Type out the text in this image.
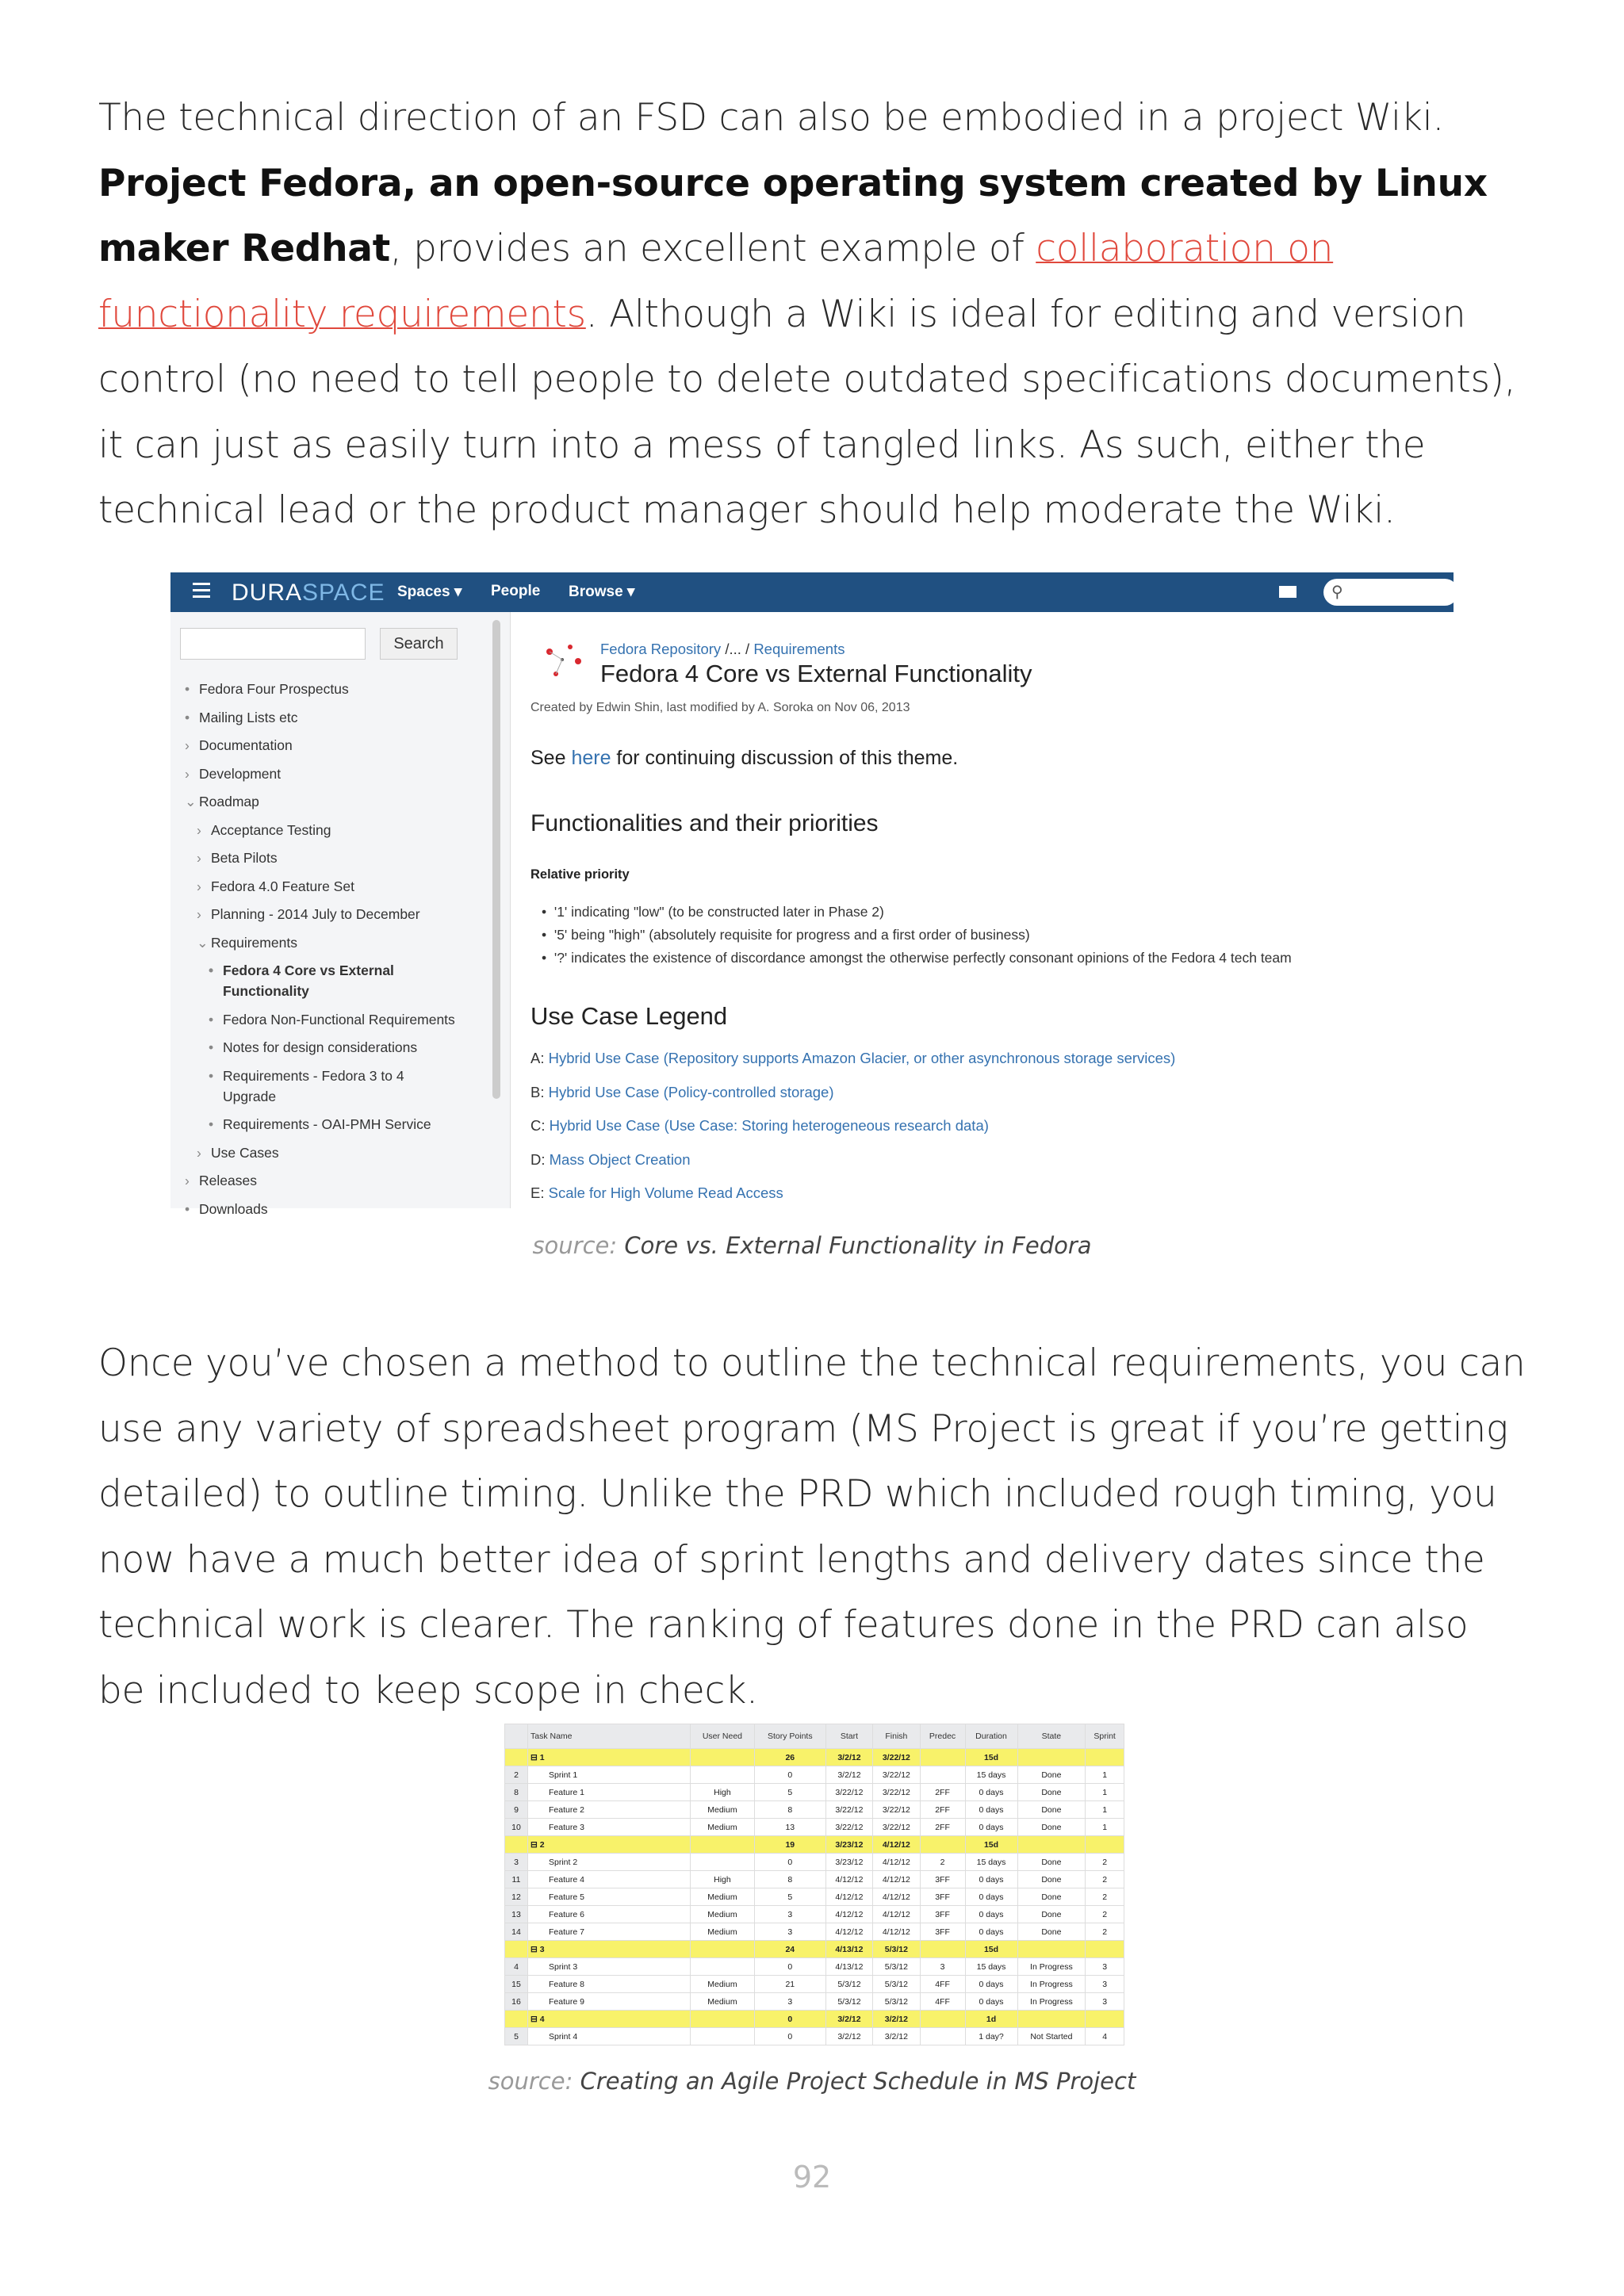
The technical direction of an FSD can also be embodied in a project Wiki. Project Fedora, an open-source operating system created by Linux maker Redhat, provides an excellent example of collaboration on functionality requirements. Although a Wiki is ideal for editing and version control (no need to tell people to delete outdated specifications documents), it can just as easily turn into a mess of tangled links. As such, either the technical lead or the product manager should help moderate the Wiki.
DURASPACE Spaces ▾ People Browse ▾	⚲
Search
• Fedora Four Prospectus
• Mailing Lists etc
› Documentation
› Development
⌄ Roadmap
› Acceptance Testing
› Beta Pilots
› Fedora 4.0 Feature Set
› Planning - 2014 July to December
⌄ Requirements
• Fedora 4 Core vs External
Functionality
• Fedora Non-Functional Requirements
• Notes for design considerations
• Requirements - Fedora 3 to 4
Upgrade
• Requirements - OAI-PMH Service
› Use Cases
› Releases
• Downloads
Fedora Repository /... / Requirements
Fedora 4 Core vs External Functionality
Created by Edwin Shin, last modified by A. Soroka on Nov 06, 2013
See here for continuing discussion of this theme.
Functionalities and their priorities
Relative priority
•  '1' indicating "low" (to be constructed later in Phase 2)
•  '5' being "high" (absolutely requisite for progress and a first order of business)
•  '?' indicates the existence of discordance amongst the otherwise perfectly consonant opinions of the Fedora 4 tech team
Use Case Legend
A: Hybrid Use Case (Repository supports Amazon Glacier, or other asynchronous storage services)
B: Hybrid Use Case (Policy-controlled storage)
C: Hybrid Use Case (Use Case: Storing heterogeneous research data)
D: Mass Object Creation
E: Scale for High Volume Read Access
source: Core vs. External Functionality in Fedora
Once you’ve chosen a method to outline the technical requirements, you can use any variety of spreadsheet program (MS Project is great if you’re getting detailed) to outline timing. Unlike the PRD which included rough timing, you now have a much better idea of sprint lengths and delivery dates since the technical work is clearer. The ranking of features done in the PRD can also be included to keep scope in check.
	Task Name	User Need	Story Points	Start	Finish	Predec	Duration	State	Sprint
	⊟ 1		26	3/2/12	3/22/12		15d		
2	Sprint 1		0	3/2/12	3/22/12		15 days	Done	1
8	Feature 1	High	5	3/22/12	3/22/12	2FF	0 days	Done	1
9	Feature 2	Medium	8	3/22/12	3/22/12	2FF	0 days	Done	1
10	Feature 3	Medium	13	3/22/12	3/22/12	2FF	0 days	Done	1
	⊟ 2		19	3/23/12	4/12/12		15d		
3	Sprint 2		0	3/23/12	4/12/12	2	15 days	Done	2
11	Feature 4	High	8	4/12/12	4/12/12	3FF	0 days	Done	2
12	Feature 5	Medium	5	4/12/12	4/12/12	3FF	0 days	Done	2
13	Feature 6	Medium	3	4/12/12	4/12/12	3FF	0 days	Done	2
14	Feature 7	Medium	3	4/12/12	4/12/12	3FF	0 days	Done	2
	⊟ 3		24	4/13/12	5/3/12		15d		
4	Sprint 3		0	4/13/12	5/3/12	3	15 days	In Progress	3
15	Feature 8	Medium	21	5/3/12	5/3/12	4FF	0 days	In Progress	3
16	Feature 9	Medium	3	5/3/12	5/3/12	4FF	0 days	In Progress	3
	⊟ 4		0	3/2/12	3/2/12		1d		
5	Sprint 4		0	3/2/12	3/2/12		1 day?	Not Started	4
source: Creating an Agile Project Schedule in MS Project
92
